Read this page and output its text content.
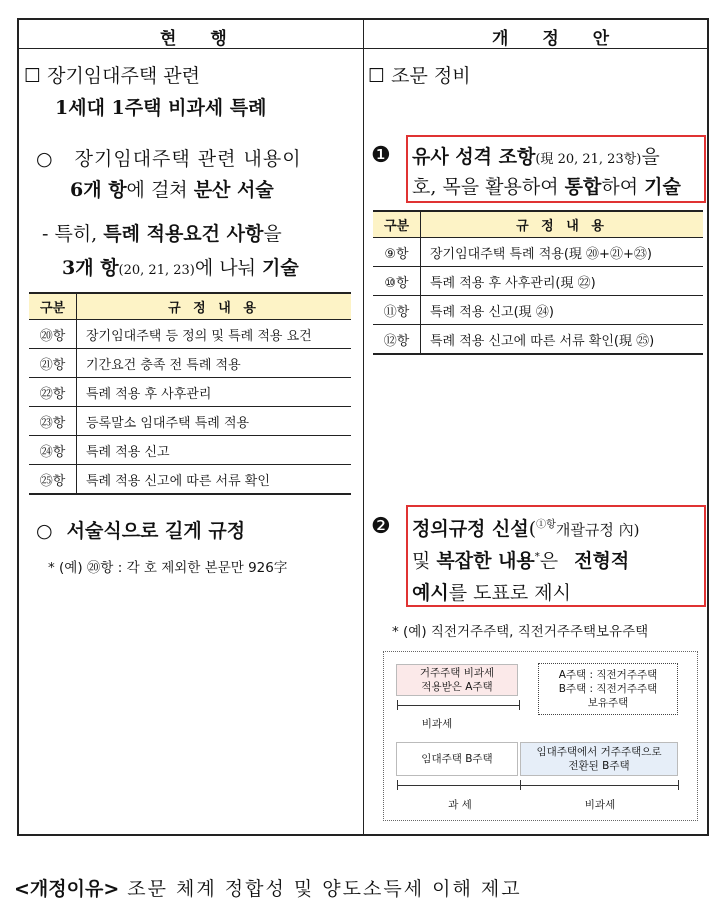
현 행	개 정 안
☐ 장기임대주택 관련
1세대 1주택 비과세 특례
○ 장기임대주택 관련 내용이
6개 항에 걸쳐 분산 서술
- 특히, 특례 적용요건 사항을
3개 항(20, 21, 23)에 나눠 기술
구분	규 정 내 용
⑳항	장기임대주택 등 정의 및 특례 적용 요건
㉑항	기간요건 충족 전 특례 적용
㉒항	특례 적용 후 사후관리
㉓항	등록말소 임대주택 특례 적용
㉔항	특례 적용 신고
㉕항	특례 적용 신고에 따른 서류 확인
○ 서술식으로 길게 규정
* (예) ⑳항 : 각 호 제외한 본문만 926字
☐ 조문 정비
❶ 유사 성격 조항(現 20, 21, 23항)을
호, 목을 활용하여 통합하여 기술
구분	규 정 내 용
⑨항	장기임대주택 특례 적용(現 ⑳+㉑+㉓)
⑩항	특례 적용 후 사후관리(現 ㉒)
⑪항	특례 적용 신고(現 ㉔)
⑫항	특례 적용 신고에 따른 서류 확인(現 ㉕)
❷ 정의규정 신설($^{①항}$개괄규정 內)
및 복잡한 내용*은 전형적
예시를 도표로 제시
* (예) 직전거주주택, 직전거주주택보유주택
거주주택 비과세
적용받은 A주택
A주택 : 직전거주주택
B주택 : 직전거주주택
보유주택
비과세
임대주택 B주택
임대주택에서 거주주택으로
전환된 B주택
과 세	비과세
<개정이유> 조문 체계 정합성 및 양도소득세 이해 제고
